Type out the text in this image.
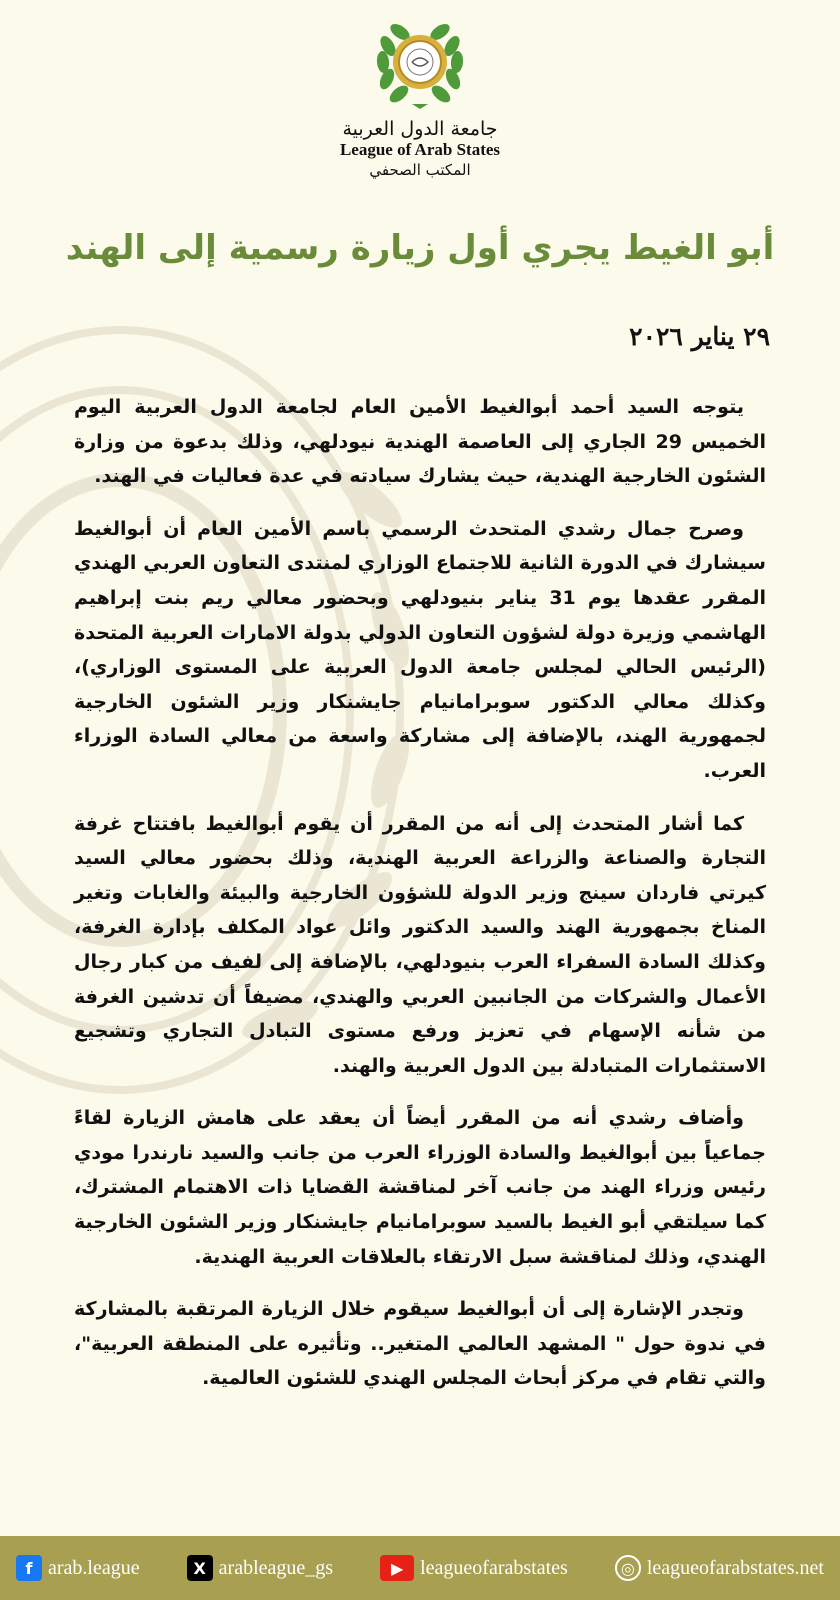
جامعة الدول العربية
League of Arab States
المكتب الصحفي
أبو الغيط يجري أول زيارة رسمية إلى الهند
٢٩ يناير ٢٠٢٦

يتوجه السيد أحمد أبوالغيط الأمين العام لجامعة الدول العربية اليوم الخميس 29 الجاري إلى العاصمة الهندية نيودلهي، وذلك بدعوة من وزارة الشئون الخارجية الهندية، حيث يشارك سيادته في عدة فعاليات في الهند.

وصرح جمال رشدي المتحدث الرسمي باسم الأمين العام أن أبوالغيط سيشارك في الدورة الثانية للاجتماع الوزاري لمنتدى التعاون العربي الهندي المقرر عقدها يوم 31 يناير بنيودلهي وبحضور معالي ريم بنت إبراهيم الهاشمي وزيرة دولة لشؤون التعاون الدولي بدولة الامارات العربية المتحدة (الرئيس الحالي لمجلس جامعة الدول العربية على المستوى الوزاري)، وكذلك معالي الدكتور سوبرامانيام جايشنكار وزير الشئون الخارجية لجمهورية الهند، بالإضافة إلى مشاركة واسعة من معالي السادة الوزراء العرب.

كما أشار المتحدث إلى أنه من المقرر أن يقوم أبوالغيط بافتتاح غرفة التجارة والصناعة والزراعة العربية الهندية، وذلك بحضور معالي السيد كيرتي فاردان سينج وزير الدولة للشؤون الخارجية والبيئة والغابات وتغير المناخ بجمهورية الهند والسيد الدكتور وائل عواد المكلف بإدارة الغرفة، وكذلك السادة السفراء العرب بنيودلهي، بالإضافة إلى لفيف من كبار رجال الأعمال والشركات من الجانبين العربي والهندي، مضيفاً أن تدشين الغرفة من شأنه الإسهام في تعزيز ورفع مستوى التبادل التجاري وتشجيع الاستثمارات المتبادلة بين الدول العربية والهند.

وأضاف رشدي أنه من المقرر أيضاً أن يعقد على هامش الزيارة لقاءً جماعياً بين أبوالغيط والسادة الوزراء العرب من جانب والسيد نارندرا مودي رئيس وزراء الهند من جانب آخر لمناقشة القضايا ذات الاهتمام المشترك، كما سيلتقي أبو الغيط بالسيد سوبرامانيام جايشنكار وزير الشئون الخارجية الهندي، وذلك لمناقشة سبل الارتقاء بالعلاقات العربية الهندية.

وتجدر الإشارة إلى أن أبوالغيط سيقوم خلال الزيارة المرتقبة بالمشاركة في ندوة حول " المشهد العالمي المتغير.. وتأثيره على المنطقة العربية"، والتي تقام في مركز أبحاث المجلس الهندي للشئون العالمية.

f arab.league	X arableague_gs	▶ leagueofarabstates	◎ leagueofarabstates.net
